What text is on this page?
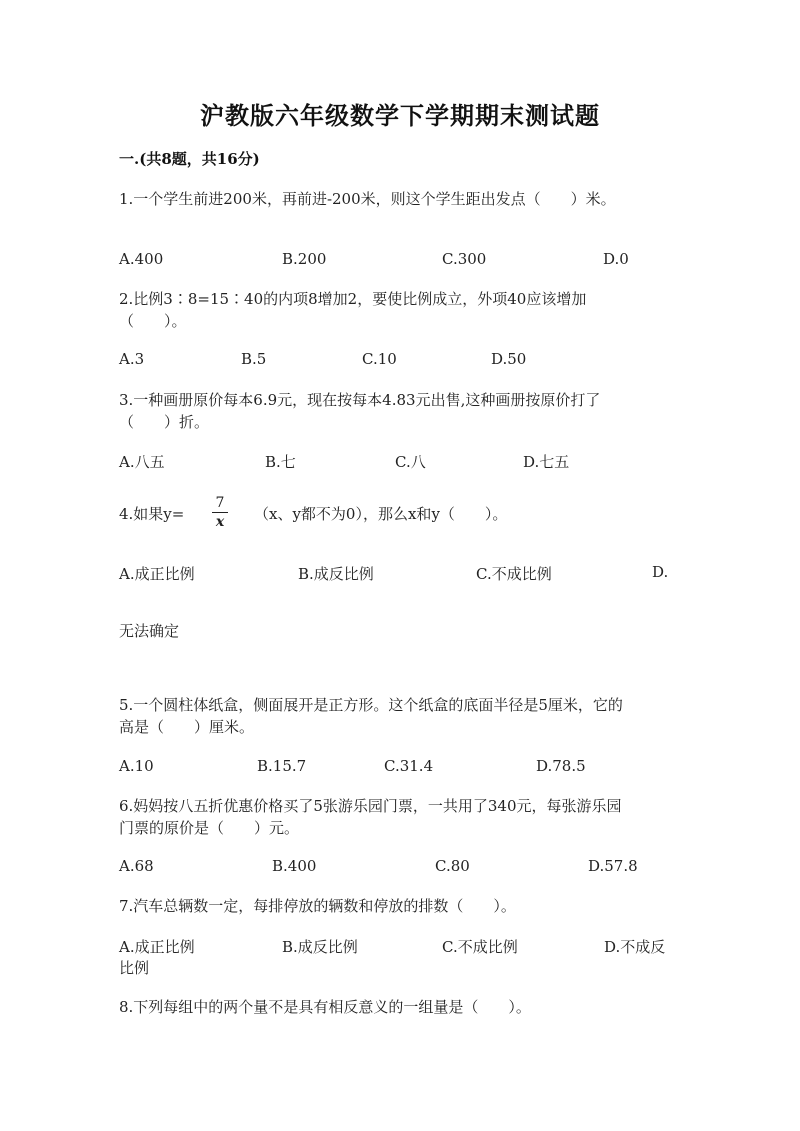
沪教版六年级数学下学期期末测试题
一.(共8题，共16分)
1.一个学生前进200米，再前进-200米，则这个学生距出发点（　　）米。
A.400	B.200	C.300	D.0
2.比例3∶8=15∶40的内项8增加2，要使比例成立，外项40应该增加
（　　）。
A.3	B.5	C.10	D.50
3.一种画册原价每本6.9元，现在按每本4.83元出售,这种画册按原价打了
（　　）折。
A.八五	B.七	C.八	D.七五
4.如果y=
7
x （x、y都不为0），那么x和y（　　）。
A.成正比例	B.成反比例	C.不成比例	D.
无法确定
5.一个圆柱体纸盒，侧面展开是正方形。这个纸盒的底面半径是5厘米，它的
高是（　　）厘米。
A.10	B.15.7	C.31.4	D.78.5
6.妈妈按八五折优惠价格买了5张游乐园门票，一共用了340元，每张游乐园
门票的原价是（　　）元。
A.68	B.400	C.80	D.57.8
7.汽车总辆数一定，每排停放的辆数和停放的排数（　　）。
A.成正比例	B.成反比例	C.不成比例	D.不成反
比例
8.下列每组中的两个量不是具有相反意义的一组量是（　　）。
